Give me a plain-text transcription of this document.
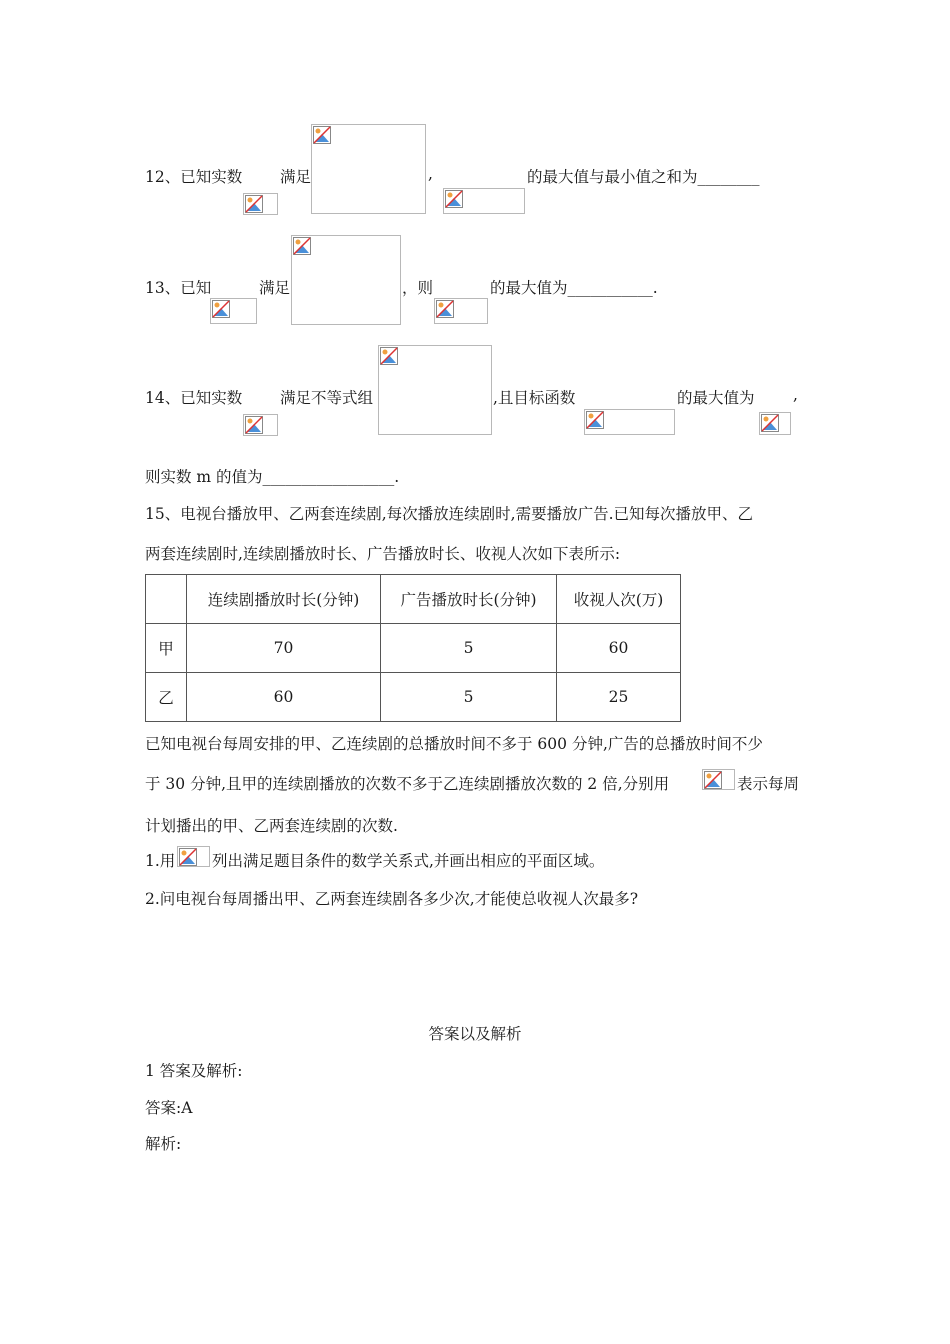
12、已知实数 满足	,	的最大值与最小值之和为________
13、已知	满足	，则	的最大值为___________.
14、已知实数 满足不等式组	,且目标函数	的最大值为 ,
则实数 m 的值为_________________.
15、电视台播放甲、乙两套连续剧,每次播放连续剧时,需要播放广告.已知每次播放甲、乙
两套连续剧时,连续剧播放时长、广告播放时长、收视人次如下表所示:
	连续剧播放时长(分钟)	广告播放时长(分钟)	收视人次(万)
甲	70	5	60
乙	60	5	25
已知电视台每周安排的甲、乙连续剧的总播放时间不多于 600 分钟,广告的总播放时间不少
于 30 分钟,且甲的连续剧播放的次数不多于乙连续剧播放次数的 2 倍,分别用	表示每周
计划播出的甲、乙两套连续剧的次数.
1.用 列出满足题目条件的数学关系式,并画出相应的平面区域。
2.问电视台每周播出甲、乙两套连续剧各多少次,才能使总收视人次最多?
答案以及解析
1 答案及解析:
答案:A
解析:
